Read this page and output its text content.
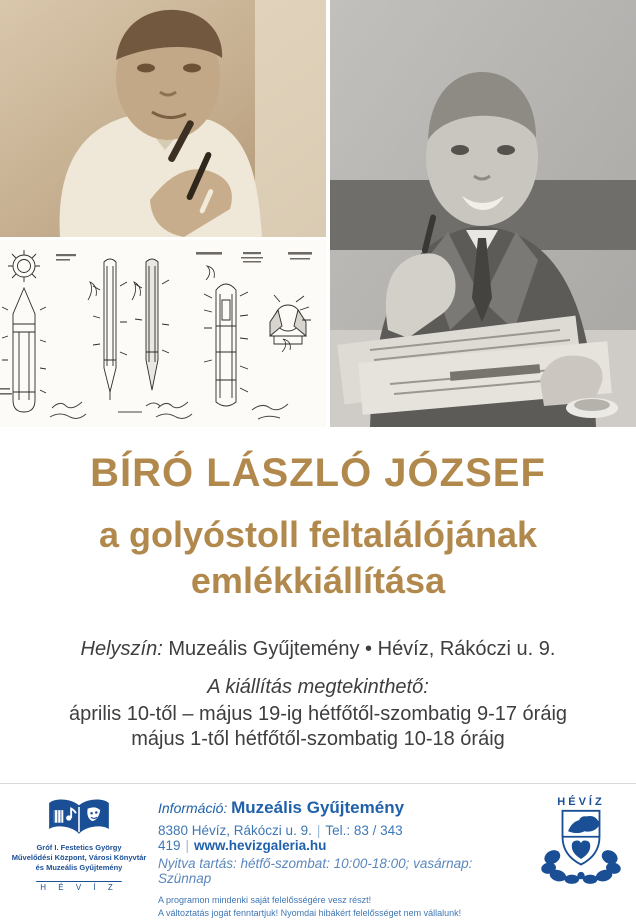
BÍRÓ LÁSZLÓ JÓZSEF
a golyóstoll feltalálójának
emlékkiállítása
Helyszín: Muzeális Gyűjtemény • Hévíz, Rákóczi u. 9.
A kiállítás megtekinthető:
április 10-től – május 19-ig hétfőtől-szombatig 9-17 óráig
május 1-től hétfőtől-szombatig 10-18 óráig
Gróf I. Festetics György
Művelődési Központ, Városi Könyvtár
és Muzeális Gyűjtemény
H É V Í Z
Információ: Muzeális Gyűjtemény
8380 Hévíz, Rákóczi u. 9. | Tel.: 83 / 343 419 | www.hevizgaleria.hu
Nyitva tartás: hétfő-szombat: 10:00-18:00; vasárnap: Szünnap
A programon mindenki saját felelősségére vesz részt!
A változtatás jogát fenntartjuk! Nyomdai hibákért felelősséget nem vállalunk!
HÉVÍZ
